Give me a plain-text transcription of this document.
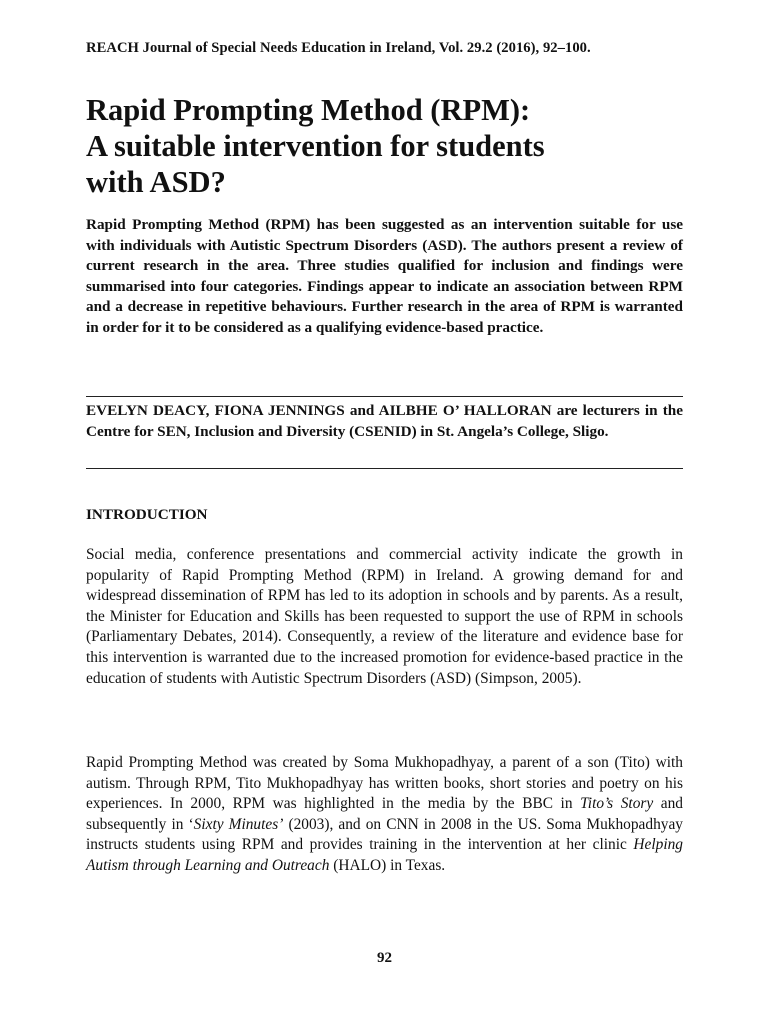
REACH Journal of Special Needs Education in Ireland, Vol. 29.2 (2016), 92–100.
Rapid Prompting Method (RPM):
A suitable intervention for students
with ASD?

Rapid Prompting Method (RPM) has been suggested as an intervention suitable for use with individuals with Autistic Spectrum Disorders (ASD). The authors present a review of current research in the area. Three studies qualified for inclusion and findings were summarised into four categories. Findings appear to indicate an association between RPM and a decrease in repetitive behaviours. Further research in the area of RPM is warranted in order for it to be considered as a qualifying evidence-based practice.

EVELYN DEACY, FIONA JENNINGS and AILBHE O’ HALLORAN are lecturers in the Centre for SEN, Inclusion and Diversity (CSENID) in St. Angela’s College, Sligo.

INTRODUCTION

Social media, conference presentations and commercial activity indicate the growth in popularity of Rapid Prompting Method (RPM) in Ireland. A growing demand for and widespread dissemination of RPM has led to its adoption in schools and by parents. As a result, the Minister for Education and Skills has been requested to support the use of RPM in schools (Parliamentary Debates, 2014). Consequently, a review of the literature and evidence base for this intervention is warranted due to the increased promotion for evidence-based practice in the education of students with Autistic Spectrum Disorders (ASD) (Simpson, 2005).

Rapid Prompting Method was created by Soma Mukhopadhyay, a parent of a son (Tito) with autism. Through RPM, Tito Mukhopadhyay has written books, short stories and poetry on his experiences. In 2000, RPM was highlighted in the media by the BBC in Tito’s Story and subsequently in ‘Sixty Minutes’ (2003), and on CNN in 2008 in the US. Soma Mukhopadhyay instructs students using RPM and provides training in the intervention at her clinic Helping Autism through Learning and Outreach (HALO) in Texas.

92
